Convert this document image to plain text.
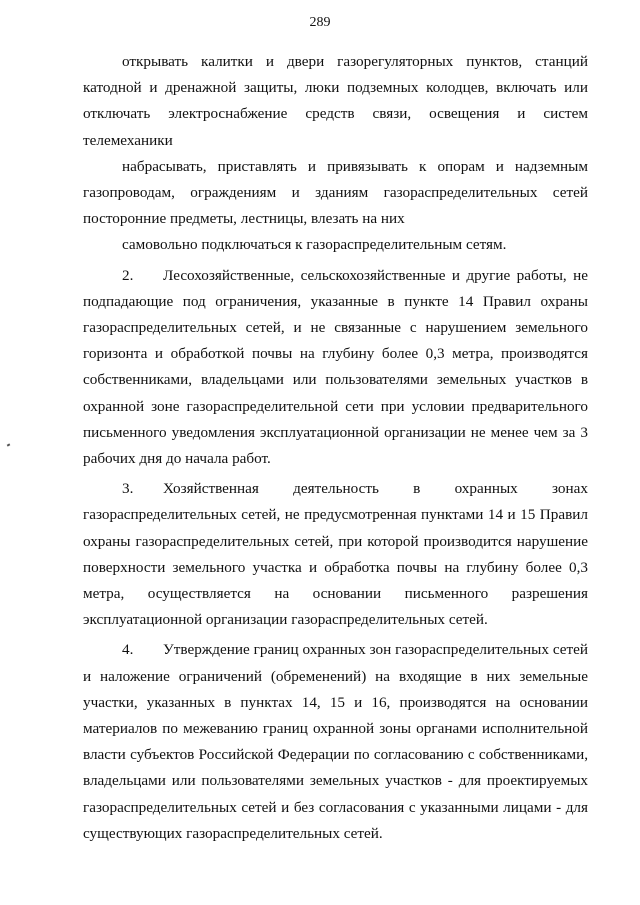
289

открывать калитки и двери газорегуляторных пунктов, станций катодной и дренажной защиты, люки подземных колодцев, включать или отключать электроснабжение средств связи, освещения и систем телемеханики

набрасывать, приставлять и привязывать к опорам и надземным газопроводам, ограждениям и зданиям газораспределительных сетей посторонние предметы, лестницы, влезать на них

самовольно подключаться к газораспределительным сетям.

2. Лесохозяйственные, сельскохозяйственные и другие работы, не подпадающие под ограничения, указанные в пункте 14 Правил охраны газораспределительных сетей, и не связанные с нарушением земельного горизонта и обработкой почвы на глубину более 0,3 метра, производятся собственниками, владельцами или пользователями земельных участков в охранной зоне газораспределительной сети при условии предварительного письменного уведомления эксплуатационной организации не менее чем за 3 рабочих дня до начала работ.

3. Хозяйственная деятельность в охранных зонах газораспределительных сетей, не предусмотренная пунктами 14 и 15 Правил охраны газораспределительных сетей, при которой производится нарушение поверхности земельного участка и обработка почвы на глубину более 0,3 метра, осуществляется на основании письменного разрешения эксплуатационной организации газораспределительных сетей.

4. Утверждение границ охранных зон газораспределительных сетей и наложение ограничений (обременений) на входящие в них земельные участки, указанных в пунктах 14, 15 и 16, производятся на основании материалов по межеванию границ охранной зоны органами исполнительной власти субъектов Российской Федерации по согласованию с собственниками, владельцами или пользователями земельных участков - для проектируемых газораспределительных сетей и без согласования с указанными лицами - для существующих газораспределительных сетей.
